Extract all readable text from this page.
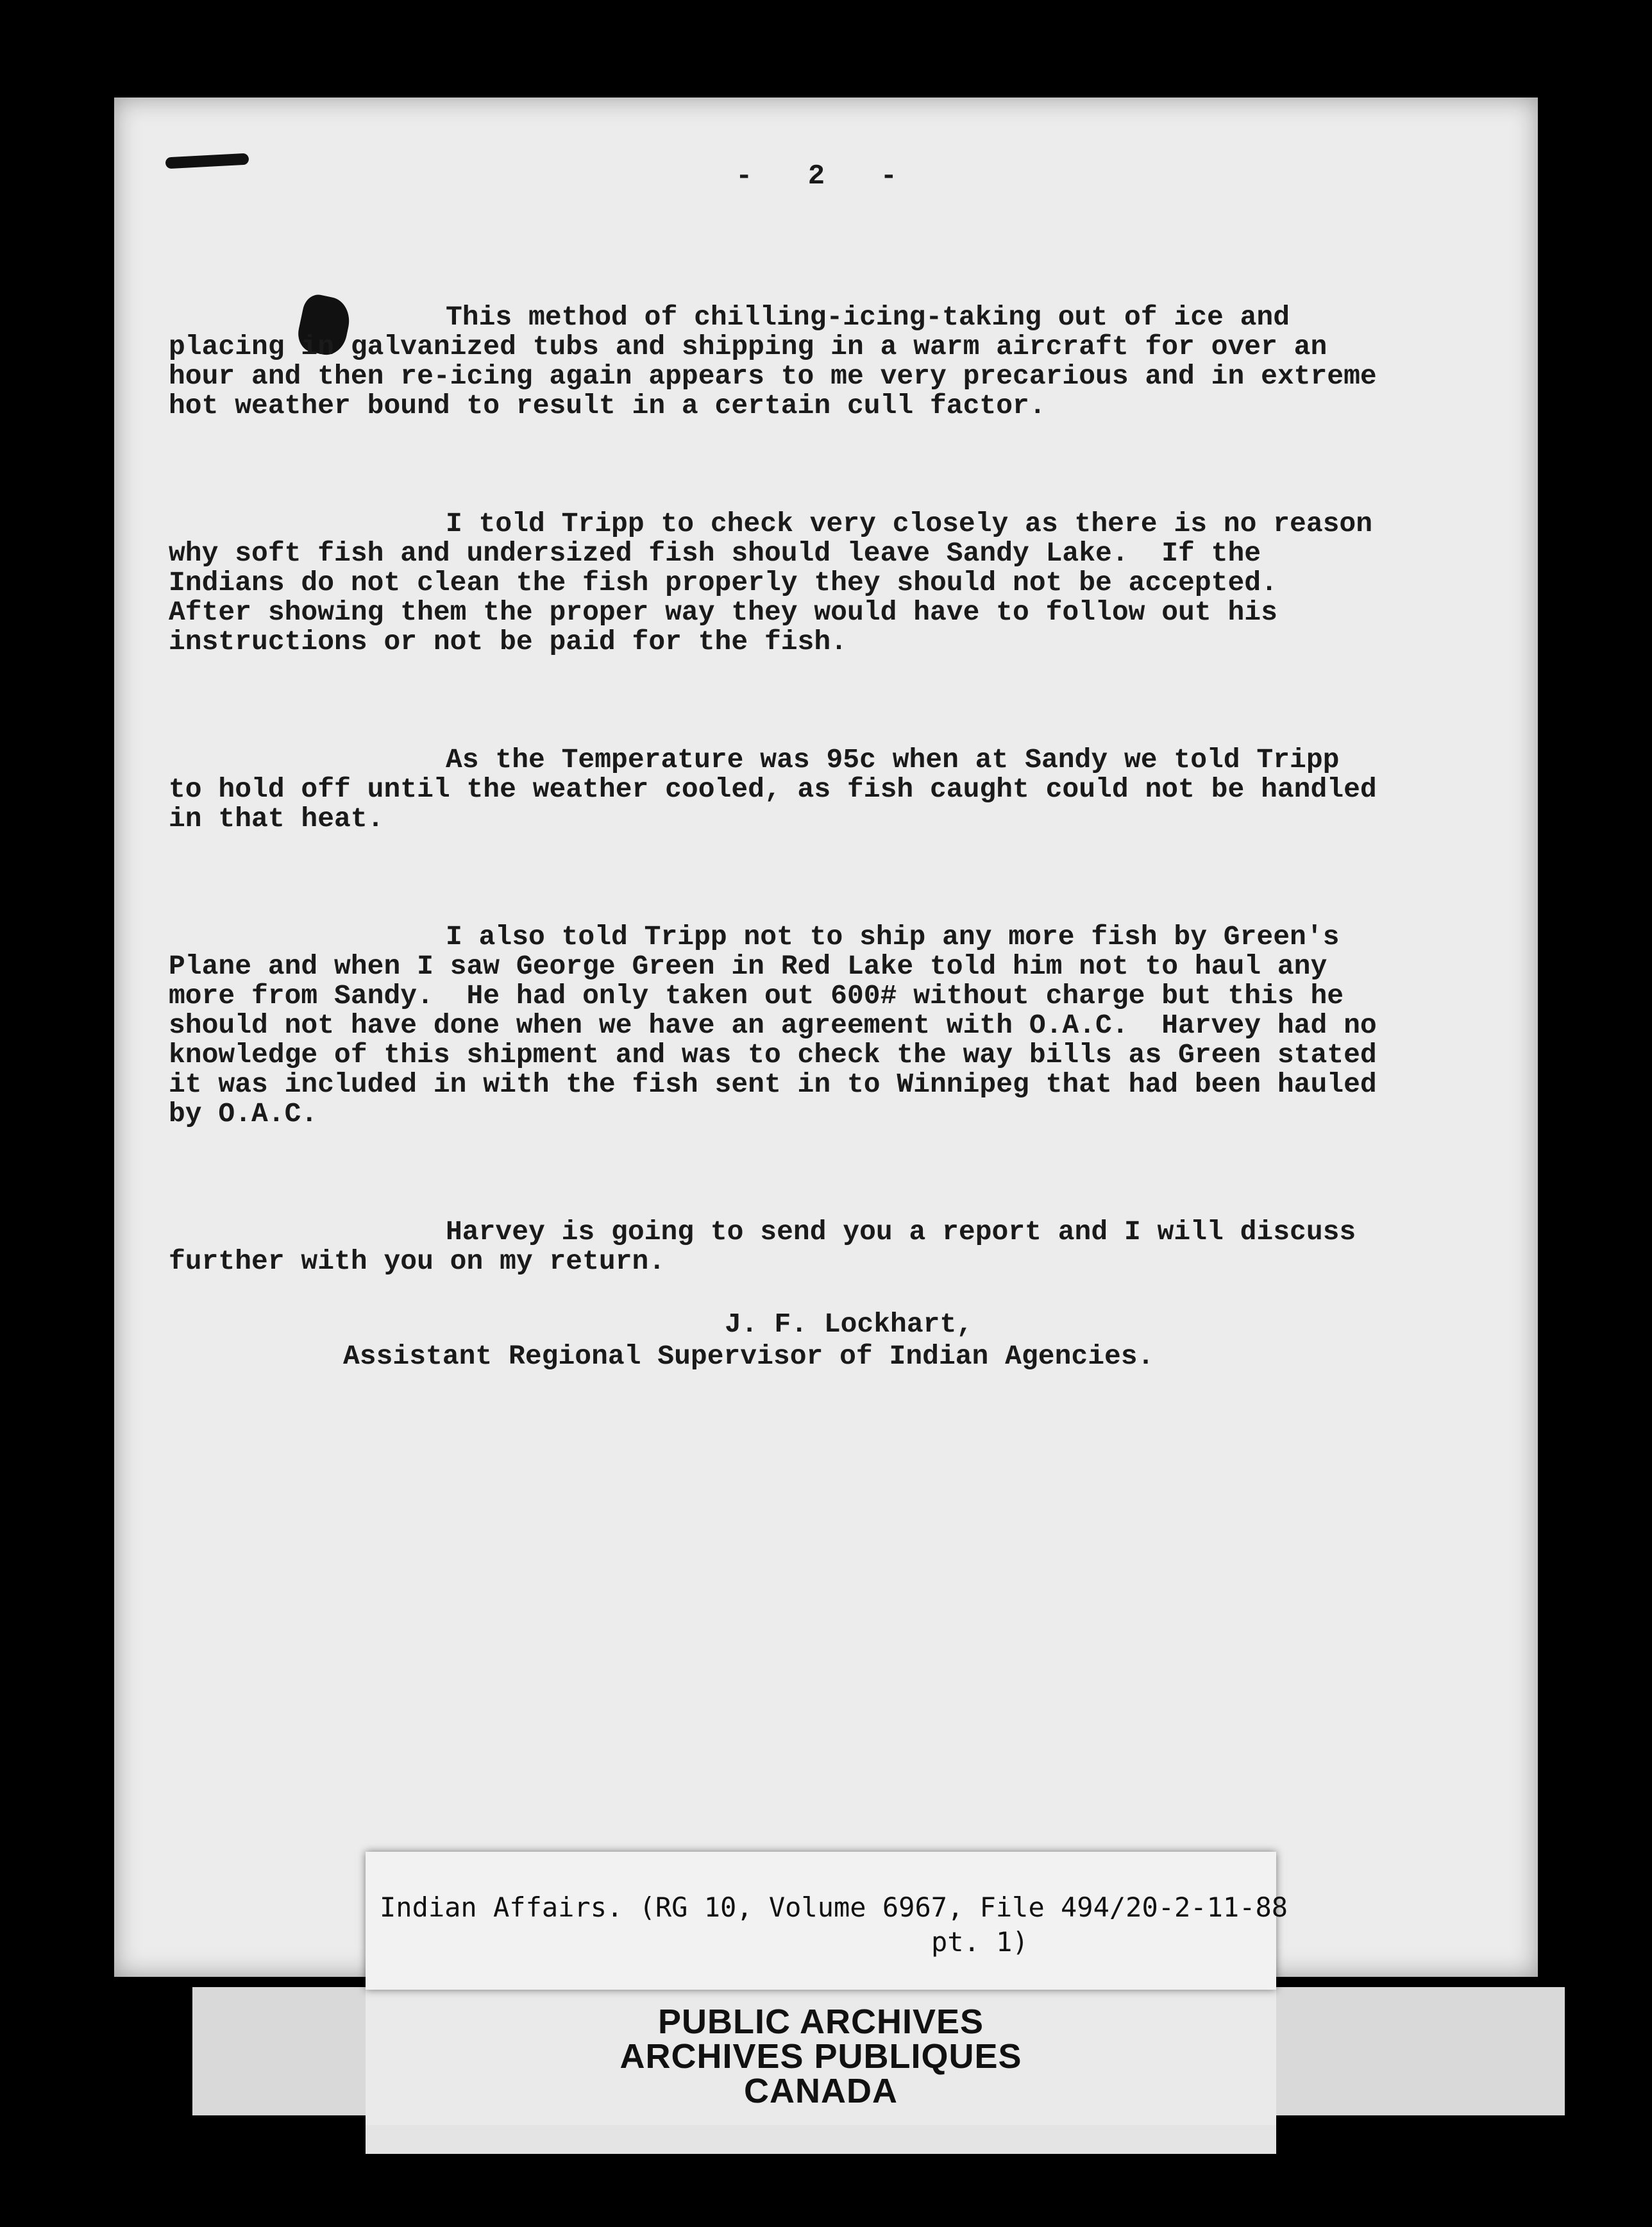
- 2 -

This method of chilling-icing-taking out of ice and placing in galvanized tubs and shipping in a warm aircraft for over an hour and then re-icing again appears to me very precarious and in extreme hot weather bound to result in a certain cull factor.

I told Tripp to check very closely as there is no reason why soft fish and undersized fish should leave Sandy Lake.  If the Indians do not clean the fish properly they should not be accepted.  After showing them the proper way they would have to follow out his instructions or not be paid for the fish.

As the Temperature was 95c when at Sandy we told Tripp to hold off until the weather cooled, as fish caught could not be handled in that heat.

I also told Tripp not to ship any more fish by Green's Plane and when I saw George Green in Red Lake told him not to haul any more from Sandy.  He had only taken out 600# without charge but this he should not have done when we have an agreement with O.A.C.  Harvey had no knowledge of this shipment and was to check the way bills as Green stated it was included in with the fish sent in to Winnipeg that had been hauled by O.A.C.

Harvey is going to send you a report and I will discuss further with you on my return.

J. F. Lockhart,
Assistant Regional Supervisor of Indian Agencies.
Indian Affairs. (RG 10, Volume 6967, File 494/20-2-11-88
pt. 1)
PUBLIC ARCHIVES
ARCHIVES PUBLIQUES
CANADA
